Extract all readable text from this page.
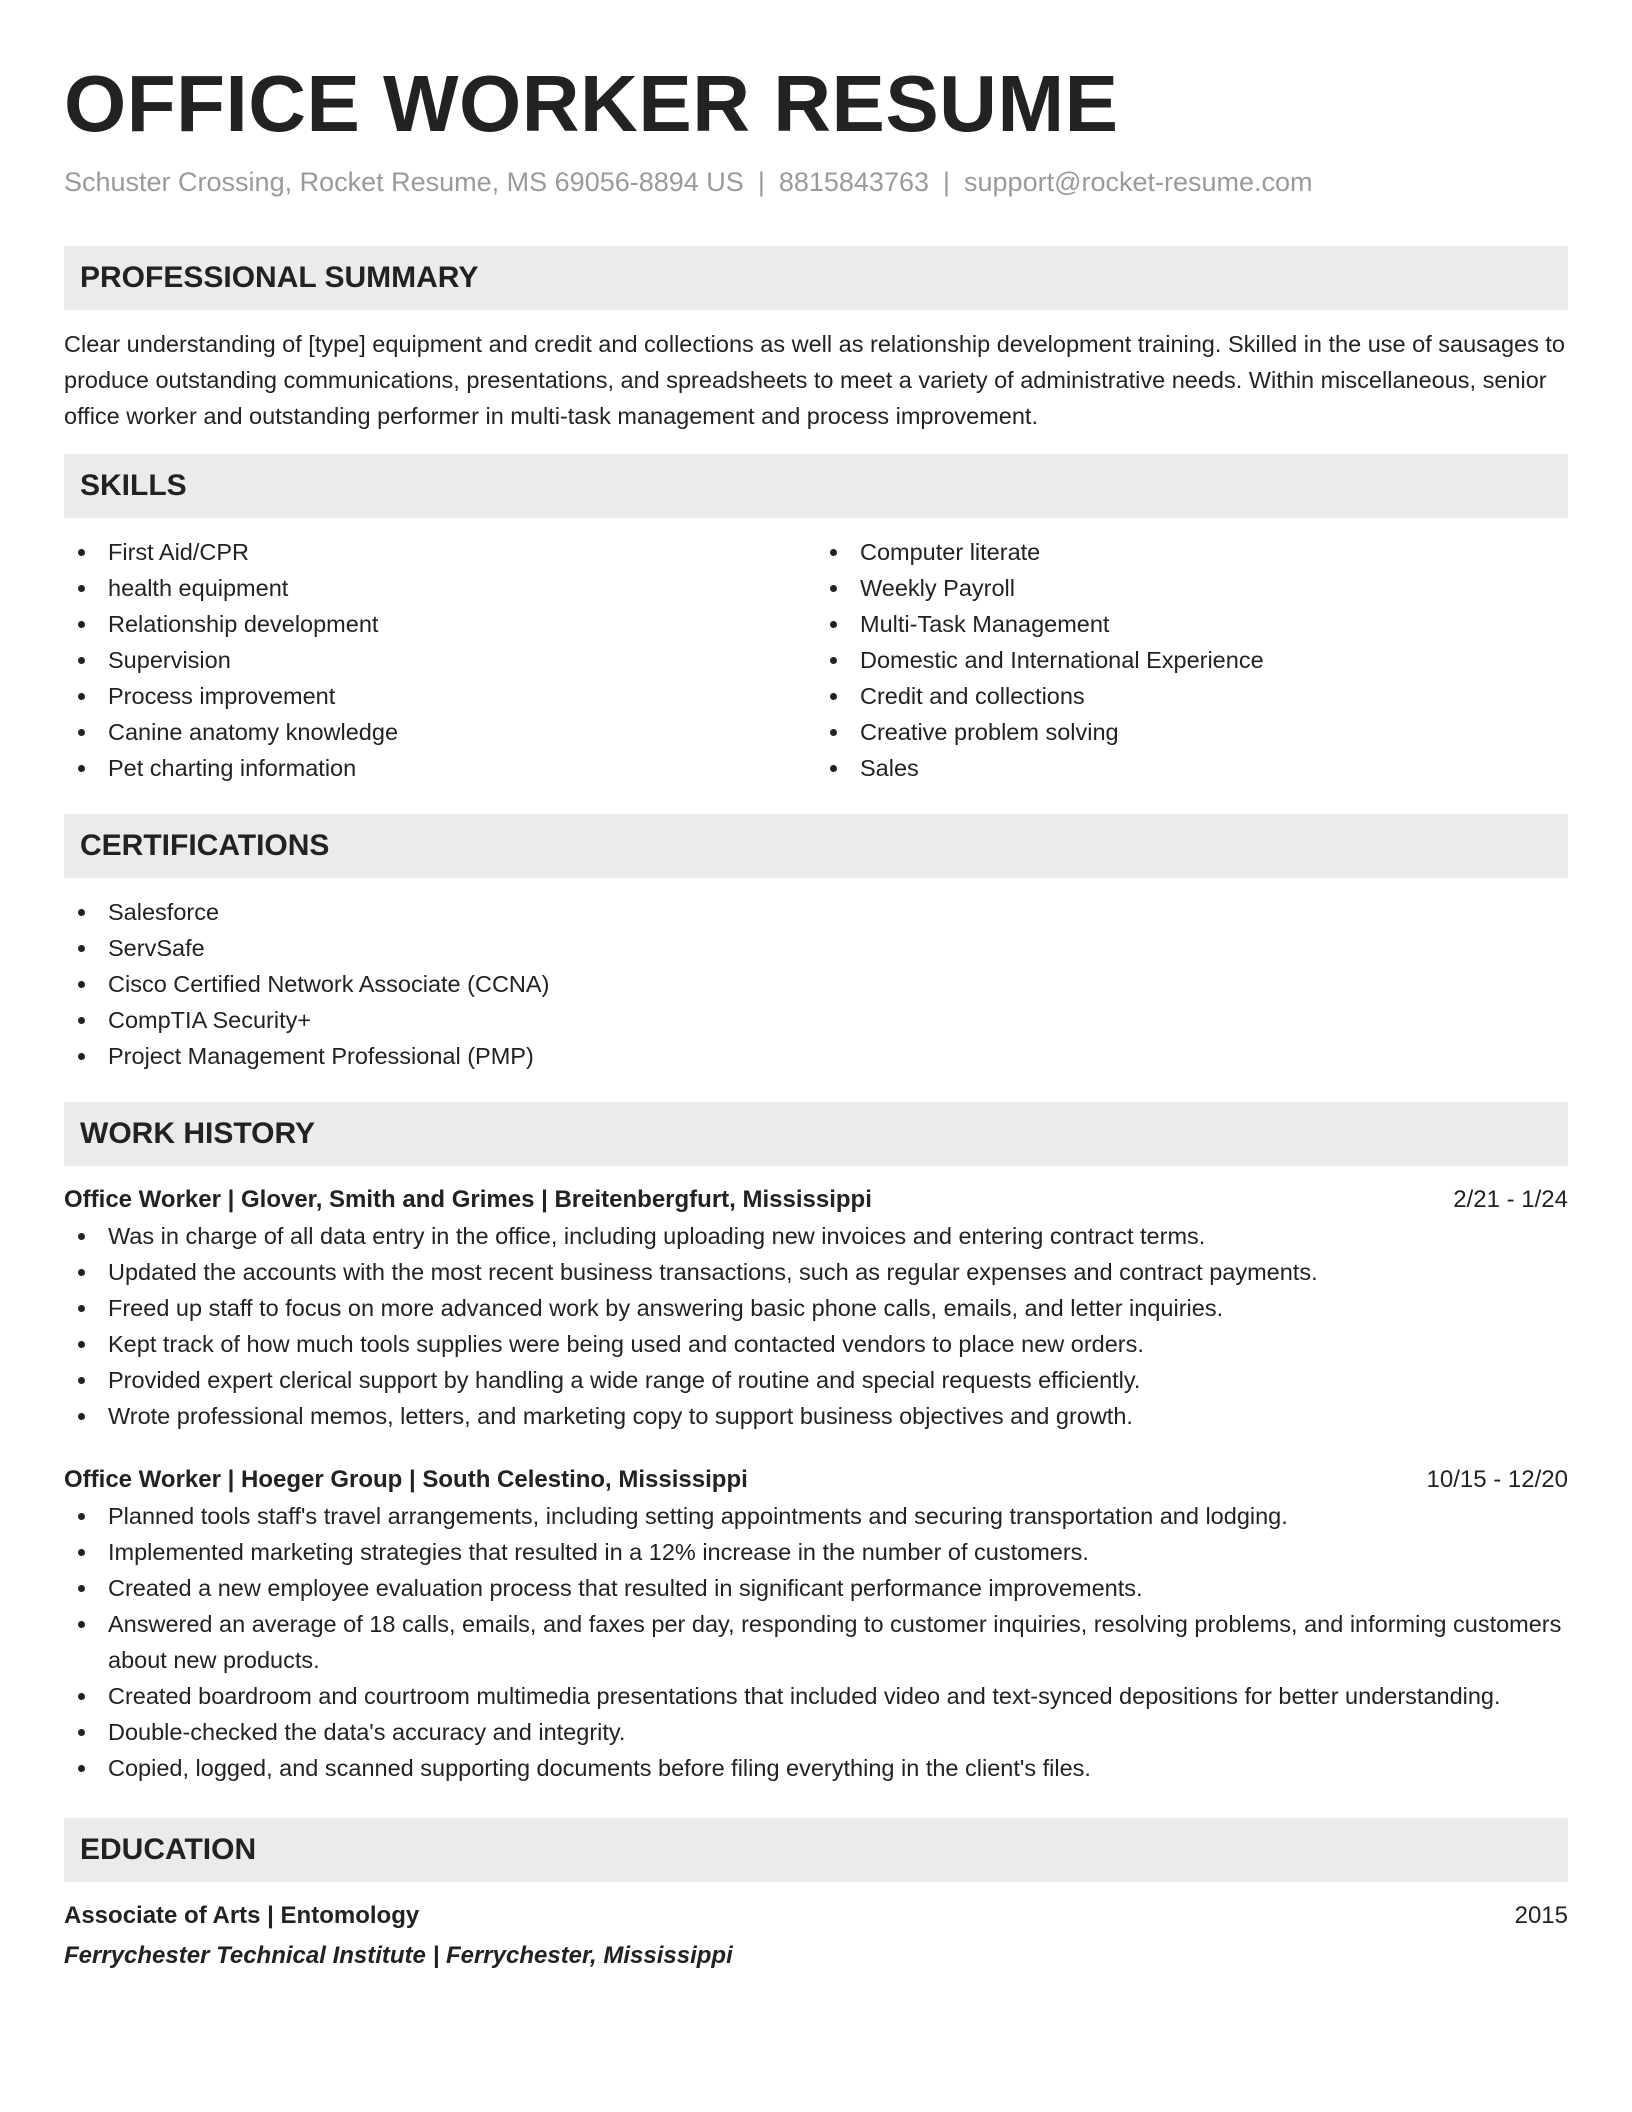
OFFICE WORKER RESUME
Schuster Crossing, Rocket Resume, MS 69056-8894 US | 8815843763 | support@rocket-resume.com
PROFESSIONAL SUMMARY

Clear understanding of [type] equipment and credit and collections as well as relationship development training. Skilled in the use of sausages to produce outstanding communications, presentations, and spreadsheets to meet a variety of administrative needs. Within miscellaneous, senior office worker and outstanding performer in multi-task management and process improvement.

SKILLS
First Aid/CPR
health equipment
Relationship development
Supervision
Process improvement
Canine anatomy knowledge
Pet charting information
Computer literate
Weekly Payroll
Multi-Task Management
Domestic and International Experience
Credit and collections
Creative problem solving
Sales
CERTIFICATIONS
Salesforce
ServSafe
Cisco Certified Network Associate (CCNA)
CompTIA Security+
Project Management Professional (PMP)
WORK HISTORY
Office Worker | Glover, Smith and Grimes | Breitenbergfurt, Mississippi	2/21 - 1/24
Was in charge of all data entry in the office, including uploading new invoices and entering contract terms.
Updated the accounts with the most recent business transactions, such as regular expenses and contract payments.
Freed up staff to focus on more advanced work by answering basic phone calls, emails, and letter inquiries.
Kept track of how much tools supplies were being used and contacted vendors to place new orders.
Provided expert clerical support by handling a wide range of routine and special requests efficiently.
Wrote professional memos, letters, and marketing copy to support business objectives and growth.
Office Worker | Hoeger Group | South Celestino, Mississippi	10/15 - 12/20
Planned tools staff's travel arrangements, including setting appointments and securing transportation and lodging.
Implemented marketing strategies that resulted in a 12% increase in the number of customers.
Created a new employee evaluation process that resulted in significant performance improvements.
Answered an average of 18 calls, emails, and faxes per day, responding to customer inquiries, resolving problems, and informing customers about new products.
Created boardroom and courtroom multimedia presentations that included video and text-synced depositions for better understanding.
Double-checked the data's accuracy and integrity.
Copied, logged, and scanned supporting documents before filing everything in the client's files.
EDUCATION
Associate of Arts | Entomology	2015
Ferrychester Technical Institute | Ferrychester, Mississippi
